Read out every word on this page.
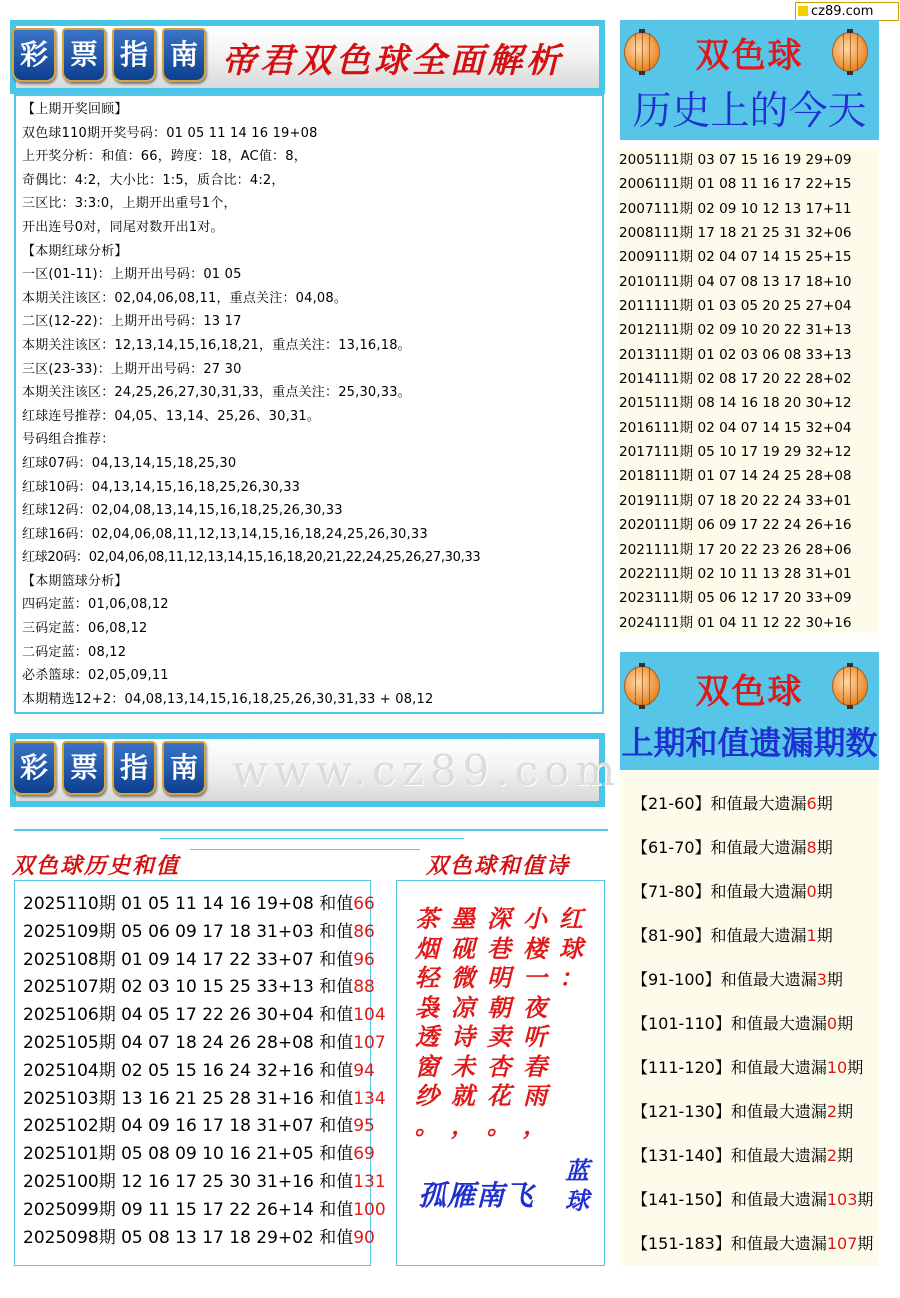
cz89.com
彩 票 指 南 帝君双色球全面解析
【上期开奖回顾】
双色球110期开奖号码：01 05 11 14 16 19+08
上开奖分析：和值：66，跨度：18，AC值：8，
奇偶比：4:2，大小比：1:5，质合比：4:2，
三区比：3:3:0，上期开出重号1个，
开出连号0对，同尾对数开出1对。
【本期红球分析】
一区(01-11)：上期开出号码：01 05
本期关注该区：02,04,06,08,11，重点关注：04,08。
二区(12-22)：上期开出号码：13 17
本期关注该区：12,13,14,15,16,18,21，重点关注：13,16,18。
三区(23-33)：上期开出号码：27 30
本期关注该区：24,25,26,27,30,31,33，重点关注：25,30,33。
红球连号推荐：04,05、13,14、25,26、30,31。
号码组合推荐：
红球07码：04,13,14,15,18,25,30
红球10码：04,13,14,15,16,18,25,26,30,33
红球12码：02,04,08,13,14,15,16,18,25,26,30,33
红球16码：02,04,06,08,11,12,13,14,15,16,18,24,25,26,30,33
红球20码：02,04,06,08,11,12,13,14,15,16,18,20,21,22,24,25,26,27,30,33
【本期篮球分析】
四码定蓝：01,06,08,12
三码定蓝：06,08,12
二码定蓝：08,12
必杀篮球：02,05,09,11
本期精选12+2：04,08,13,14,15,16,18,25,26,30,31,33 + 08,12
双色球
历史上的今天
2005111期 03 07 15 16 19 29+09
2006111期 01 08 11 16 17 22+15
2007111期 02 09 10 12 13 17+11
2008111期 17 18 21 25 31 32+06
2009111期 02 04 07 14 15 25+15
2010111期 04 07 08 13 17 18+10
2011111期 01 03 05 20 25 27+04
2012111期 02 09 10 20 22 31+13
2013111期 01 02 03 06 08 33+13
2014111期 02 08 17 20 22 28+02
2015111期 08 14 16 18 20 30+12
2016111期 02 04 07 14 15 32+04
2017111期 05 10 17 19 29 32+12
2018111期 01 07 14 24 25 28+08
2019111期 07 18 20 22 24 33+01
2020111期 06 09 17 22 24 26+16
2021111期 17 20 22 23 26 28+06
2022111期 02 10 11 13 28 31+01
2023111期 05 06 12 17 20 33+09
2024111期 01 04 11 12 22 30+16
双色球
上期和值遗漏期数
【21-60】和值最大遗漏6期
【61-70】和值最大遗漏8期
【71-80】和值最大遗漏0期
【81-90】和值最大遗漏1期
【91-100】和值最大遗漏3期
【101-110】和值最大遗漏0期
【111-120】和值最大遗漏10期
【121-130】和值最大遗漏2期
【131-140】和值最大遗漏2期
【141-150】和值最大遗漏103期
【151-183】和值最大遗漏107期
彩 票 指 南 www.cz89.com
双色球历史和值	双色球和值诗
2025110期 01 05 11 14 16 19+08 和值66
2025109期 05 06 09 17 18 31+03 和值86
2025108期 01 09 14 17 22 33+07 和值96
2025107期 02 03 10 15 25 33+13 和值88
2025106期 04 05 17 22 26 30+04 和值104
2025105期 04 07 18 24 26 28+08 和值107
2025104期 02 05 15 16 24 32+16 和值94
2025103期 13 16 21 25 28 31+16 和值134
2025102期 04 09 16 17 18 31+07 和值95
2025101期 05 08 09 10 16 21+05 和值69
2025100期 12 16 17 25 30 31+16 和值131
2025099期 09 11 15 17 22 26+14 和值100
2025098期 05 08 13 17 18 29+02 和值90
红
球
：
小
楼
一
夜
听
春
雨
，
深
巷
明
朝
卖
杏
花
。
墨
砚
微
凉
诗
未
就
，
茶
烟
轻
袅
透
窗
纱
。
孤雁南飞
蓝
球
